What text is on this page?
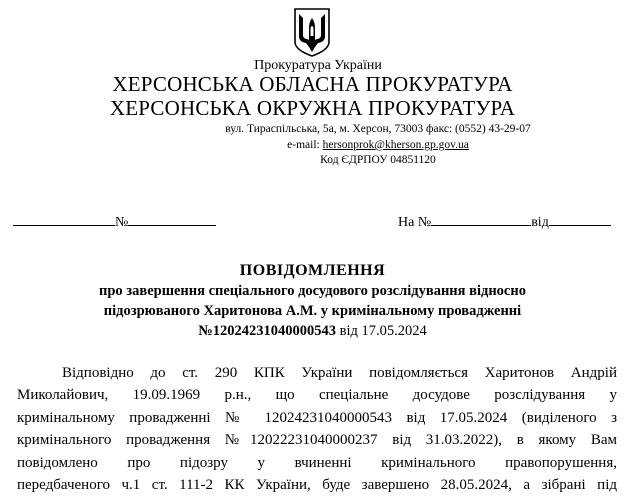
Прокуратура України
ХЕРСОНСЬКА ОБЛАСНА ПРОКУРАТУРА
ХЕРСОНСЬКА ОКРУЖНА ПРОКУРАТУРА
вул. Тираспільська, 5а, м. Херсон, 73003 факс: (0552) 43-29-07
e-mail: hersonprok@kherson.gp.gov.ua
Код ЄДРПОУ 04851120
№	На №	від
ПОВІДОМЛЕННЯ
про завершення спеціального досудового розслідування відносно
підозрюваного Харитонова А.М. у кримінальному провадженні
№12024231040000543 від 17.05.2024
Відповідно до ст. 290 КПК України повідомляється Харитонов Андрій
Миколайович, 19.09.1969 р.н., що спеціальне досудове розслідування у
кримінальному провадженні № 12024231040000543 від 17.05.2024 (виділеного з
кримінального провадження №12022231040000237 від 31.03.2022), в якому Вам
повідомлено про підозру у вчиненні кримінального правопорушення,
передбаченого ч.1 ст. 111-2 КК України, буде завершено 28.05.2024, а зібрані під
